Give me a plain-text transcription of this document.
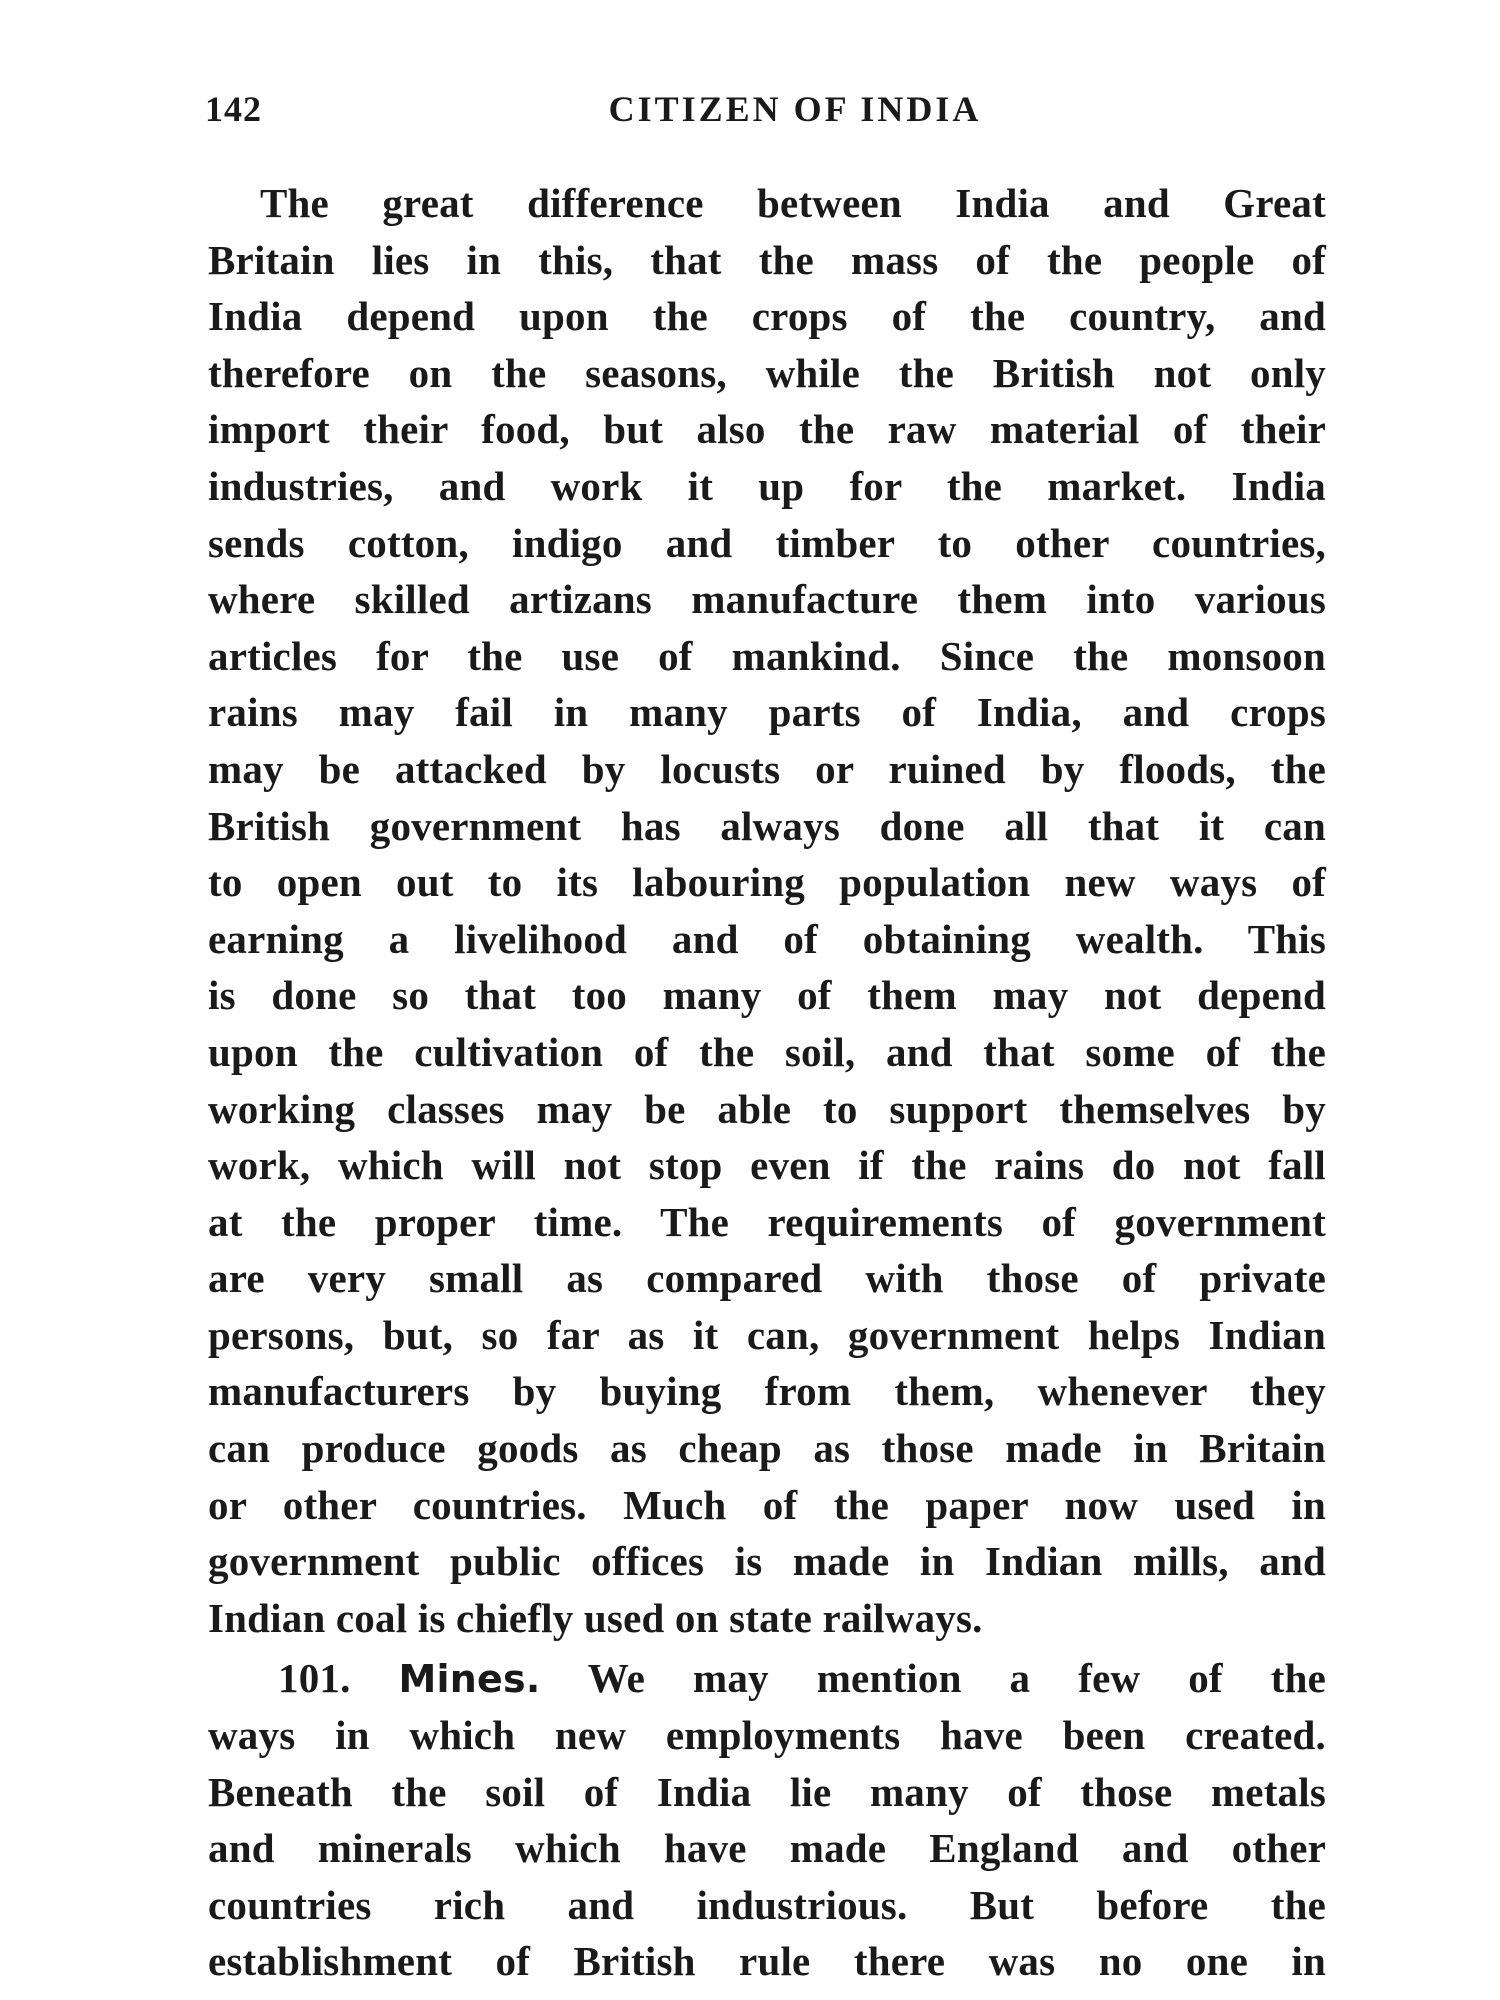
142	CITIZEN OF INDIA
The great difference between India and Great
Britain lies in this, that the mass of the people of
India depend upon the crops of the country, and
therefore on the seasons, while the British not only
import their food, but also the raw material of their
industries, and work it up for the market. India
sends cotton, indigo and timber to other countries,
where skilled artizans manufacture them into various
articles for the use of mankind. Since the monsoon
rains may fail in many parts of India, and crops
may be attacked by locusts or ruined by floods, the
British government has always done all that it can
to open out to its labouring population new ways of
earning a livelihood and of obtaining wealth. This
is done so that too many of them may not depend
upon the cultivation of the soil, and that some of the
working classes may be able to support themselves by
work, which will not stop even if the rains do not fall
at the proper time. The requirements of government
are very small as compared with those of private
persons, but, so far as it can, government helps Indian
manufacturers by buying from them, whenever they
can produce goods as cheap as those made in Britain
or other countries. Much of the paper now used in
government public offices is made in Indian mills, and
Indian coal is chiefly used on state railways.
101. Mines. We may mention a few of the
ways in which new employments have been created.
Beneath the soil of India lie many of those metals
and minerals which have made England and other
countries rich and industrious. But before the
establishment of British rule there was no one in
